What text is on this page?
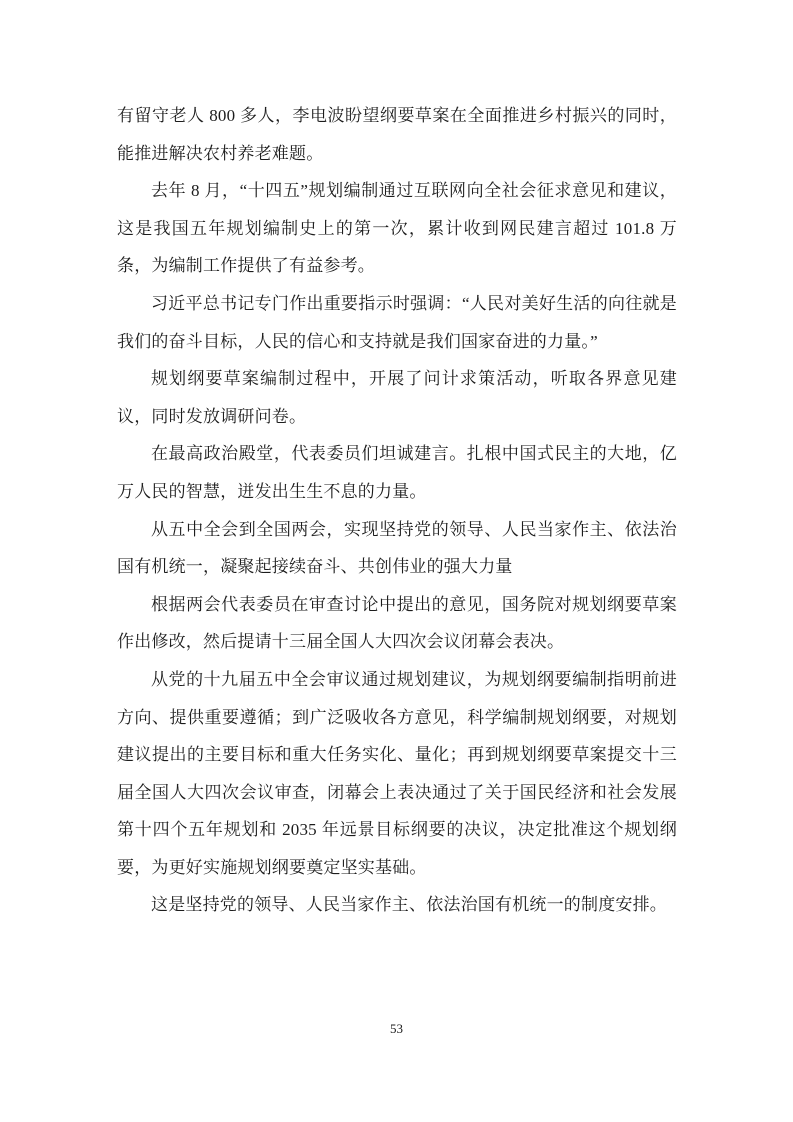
有留守老人 800 多人，李电波盼望纲要草案在全面推进乡村振兴的同时，能推进解决农村养老难题。

去年 8 月，“十四五”规划编制通过互联网向全社会征求意见和建议，这是我国五年规划编制史上的第一次，累计收到网民建言超过 101.8 万条，为编制工作提供了有益参考。

习近平总书记专门作出重要指示时强调：“人民对美好生活的向往就是我们的奋斗目标，人民的信心和支持就是我们国家奋进的力量。”

规划纲要草案编制过程中，开展了问计求策活动，听取各界意见建议，同时发放调研问卷。

在最高政治殿堂，代表委员们坦诚建言。扎根中国式民主的大地，亿万人民的智慧，迸发出生生不息的力量。

从五中全会到全国两会，实现坚持党的领导、人民当家作主、依法治国有机统一，凝聚起接续奋斗、共创伟业的强大力量

根据两会代表委员在审查讨论中提出的意见，国务院对规划纲要草案作出修改，然后提请十三届全国人大四次会议闭幕会表决。

从党的十九届五中全会审议通过规划建议，为规划纲要编制指明前进方向、提供重要遵循；到广泛吸收各方意见，科学编制规划纲要，对规划建议提出的主要目标和重大任务实化、量化；再到规划纲要草案提交十三届全国人大四次会议审查，闭幕会上表决通过了关于国民经济和社会发展第十四个五年规划和 2035 年远景目标纲要的决议，决定批准这个规划纲要，为更好实施规划纲要奠定坚实基础。

这是坚持党的领导、人民当家作主、依法治国有机统一的制度安排。

53
